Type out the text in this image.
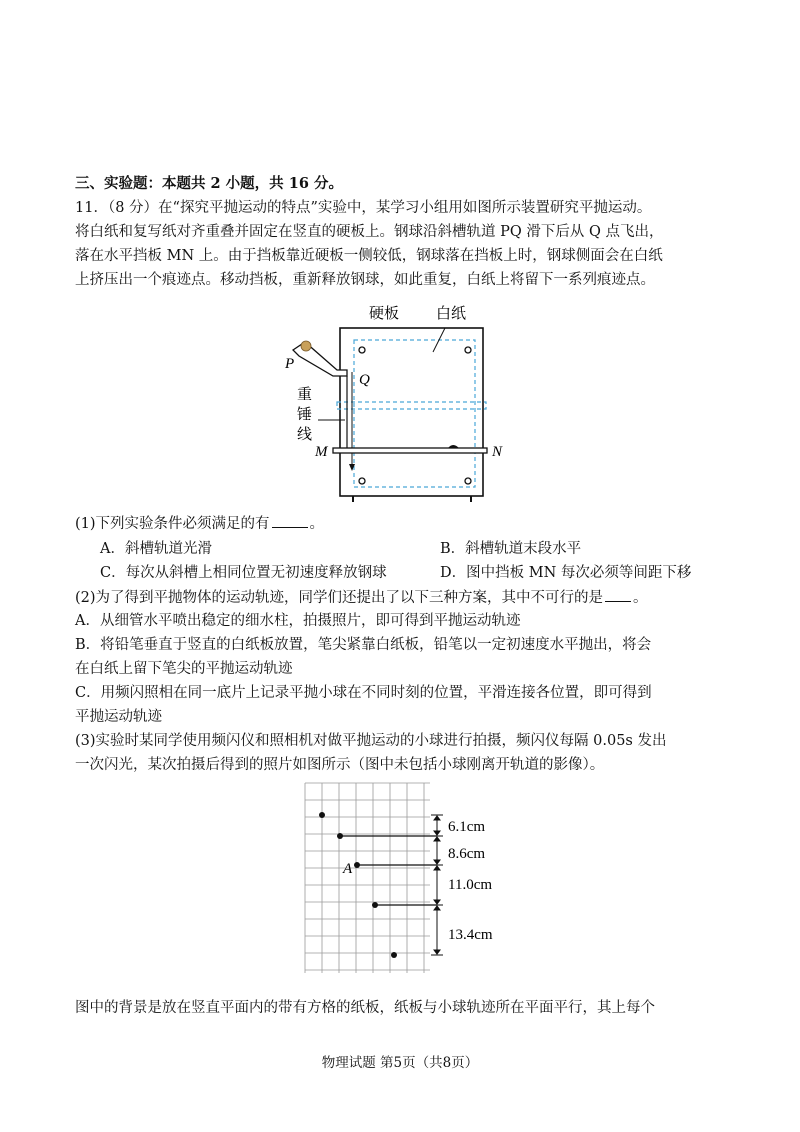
三、实验题：本题共 2 小题，共 16 分。
11．（8 分）在“探究平抛运动的特点”实验中，某学习小组用如图所示装置研究平抛运动。
将白纸和复写纸对齐重叠并固定在竖直的硬板上。钢球沿斜槽轨道 PQ 滑下后从 Q 点飞出，
落在水平挡板 MN 上。由于挡板靠近硬板一侧较低，钢球落在挡板上时，钢球侧面会在白纸
上挤压出一个痕迹点。移动挡板，重新释放钢球，如此重复，白纸上将留下一系列痕迹点。
硬板 白纸
P
Q
重
锤
线
M	N
(1)下列实验条件必须满足的有	。
A．斜槽轨道光滑	B．斜槽轨道末段水平
C．每次从斜槽上相同位置无初速度释放钢球	D．图中挡板 MN 每次必须等间距下移
(2)为了得到平抛物体的运动轨迹，同学们还提出了以下三种方案，其中不可行的是 。
A．从细管水平喷出稳定的细水柱，拍摄照片，即可得到平抛运动轨迹
B．将铅笔垂直于竖直的白纸板放置，笔尖紧靠白纸板，铅笔以一定初速度水平抛出，将会
在白纸上留下笔尖的平抛运动轨迹
C．用频闪照相在同一底片上记录平抛小球在不同时刻的位置，平滑连接各位置，即可得到
平抛运动轨迹
(3)实验时某同学使用频闪仪和照相机对做平抛运动的小球进行拍摄，频闪仪每隔 0.05s 发出
一次闪光，某次拍摄后得到的照片如图所示（图中未包括小球刚离开轨道的影像）。
A
6.1cm
8.6cm
11.0cm
13.4cm
图中的背景是放在竖直平面内的带有方格的纸板，纸板与小球轨迹所在平面平行，其上每个
物理试题 第5页（共8页）
